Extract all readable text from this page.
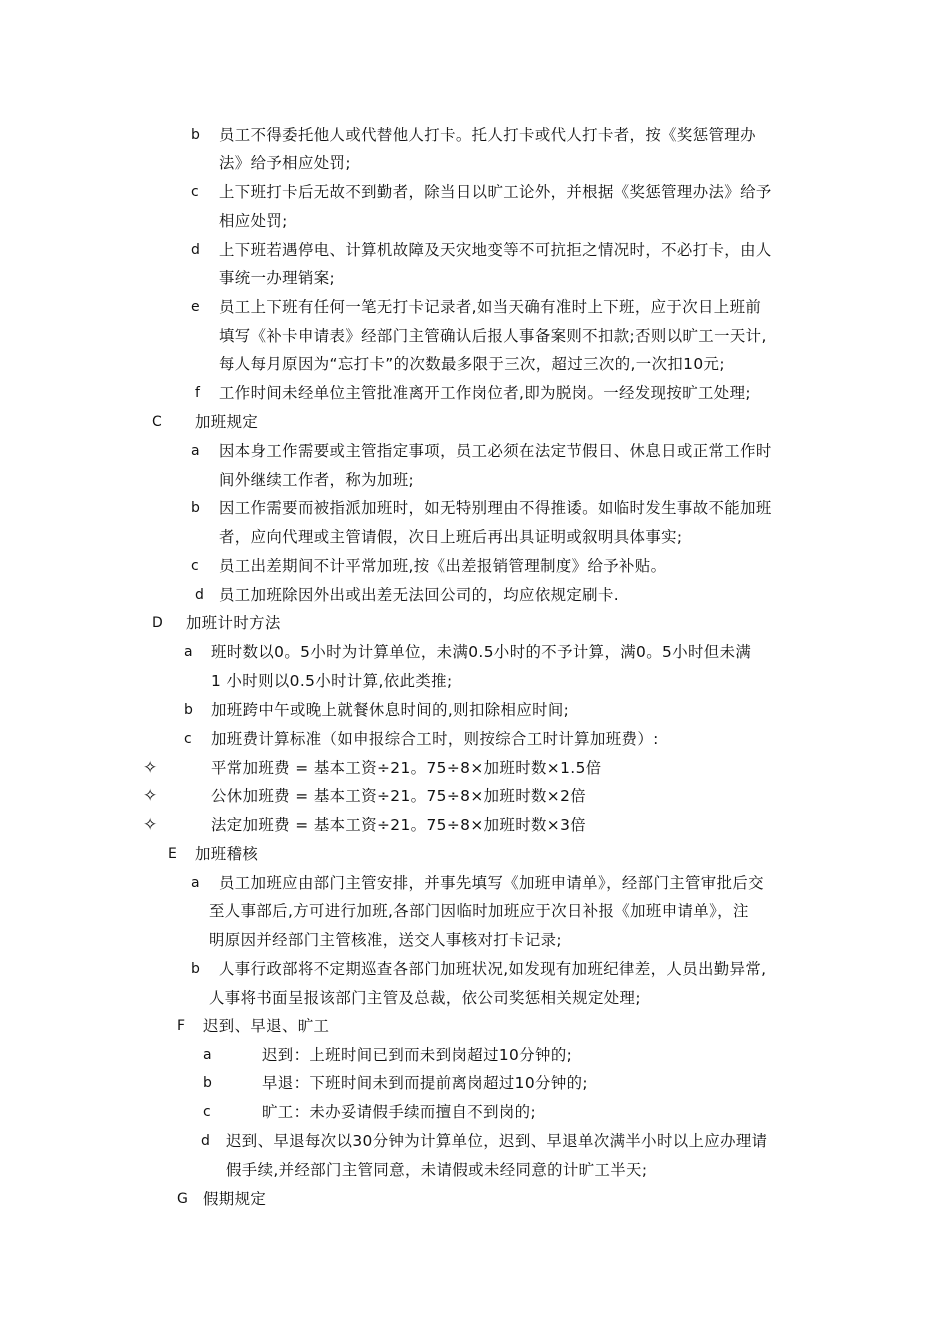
b 员工不得委托他人或代替他人打卡。托人打卡或代人打卡者，按《奖惩管理办
法》给予相应处罚;
c 上下班打卡后无故不到勤者，除当日以旷工论外，并根据《奖惩管理办法》给予
相应处罚;
d 上下班若遇停电、计算机故障及天灾地变等不可抗拒之情况时，不必打卡，由人
事统一办理销案;
e 员工上下班有任何一笔无打卡记录者,如当天确有准时上下班，应于次日上班前
填写《补卡申请表》经部门主管确认后报人事备案则不扣款;否则以旷工一天计,
每人每月原因为“忘打卡”的次数最多限于三次，超过三次的,一次扣10元;
f 工作时间未经单位主管批准离开工作岗位者,即为脱岗。一经发现按旷工处理;
C 加班规定
a 因本身工作需要或主管指定事项，员工必须在法定节假日、休息日或正常工作时
间外继续工作者，称为加班;
b 因工作需要而被指派加班时，如无特别理由不得推诿。如临时发生事故不能加班
者，应向代理或主管请假，次日上班后再出具证明或叙明具体事实;
c 员工出差期间不计平常加班,按《出差报销管理制度》给予补贴。
d 员工加班除因外出或出差无法回公司的，均应依规定刷卡.
D 加班计时方法
a 班时数以0。5小时为计算单位，未满0.5小时的不予计算，满0。5小时但未满
1 小时则以0.5小时计算,依此类推;
b 加班跨中午或晚上就餐休息时间的,则扣除相应时间;
c 加班费计算标准（如申报综合工时，则按综合工时计算加班费）:
✧	平常加班费 = 基本工资÷21。75÷8×加班时数×1.5倍
✧	公休加班费 = 基本工资÷21。75÷8×加班时数×2倍
✧	法定加班费 = 基本工资÷21。75÷8×加班时数×3倍
E 加班稽核
a 员工加班应由部门主管安排，并事先填写《加班申请单》，经部门主管审批后交
至人事部后,方可进行加班,各部门因临时加班应于次日补报《加班申请单》，注
明原因并经部门主管核准，送交人事核对打卡记录;
b 人事行政部将不定期巡查各部门加班状况,如发现有加班纪律差，人员出勤异常,
人事将书面呈报该部门主管及总裁，依公司奖惩相关规定处理;
F 迟到、早退、旷工
a	迟到：上班时间已到而未到岗超过10分钟的;
b	早退：下班时间未到而提前离岗超过10分钟的;
c	旷工：未办妥请假手续而擅自不到岗的;
d 迟到、早退每次以30分钟为计算单位，迟到、早退单次满半小时以上应办理请
假手续,并经部门主管同意，未请假或未经同意的计旷工半天;
G 假期规定
